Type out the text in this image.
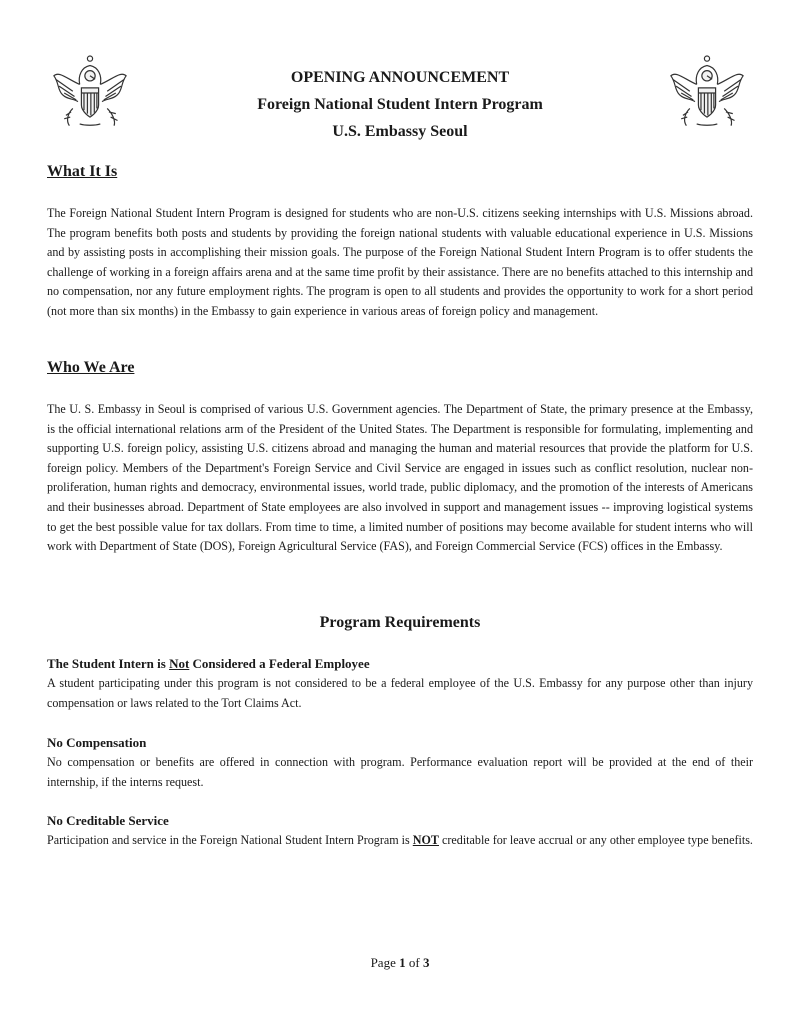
OPENING ANNOUNCEMENT
Foreign National Student Intern Program
U.S. Embassy Seoul
What It Is

The Foreign National Student Intern Program is designed for students who are non-U.S. citizens seeking internships with U.S. Missions abroad. The program benefits both posts and students by providing the foreign national students with valuable educational experience in U.S. Missions and by assisting posts in accomplishing their mission goals. The purpose of the Foreign National Student Intern Program is to offer students the challenge of working in a foreign affairs arena and at the same time profit by their assistance. There are no benefits attached to this internship and no compensation, nor any future employment rights. The program is open to all students and provides the opportunity to work for a short period (not more than six months) in the Embassy to gain experience in various areas of foreign policy and management.

Who We Are

The U. S. Embassy in Seoul is comprised of various U.S. Government agencies. The Department of State, the primary presence at the Embassy, is the official international relations arm of the President of the United States. The Department is responsible for formulating, implementing and supporting U.S. foreign policy, assisting U.S. citizens abroad and managing the human and material resources that provide the platform for U.S. foreign policy. Members of the Department's Foreign Service and Civil Service are engaged in issues such as conflict resolution, nuclear non-proliferation, human rights and democracy, environmental issues, world trade, public diplomacy, and the promotion of the interests of Americans and their businesses abroad. Department of State employees are also involved in support and management issues -- improving logistical systems to get the best possible value for tax dollars. From time to time, a limited number of positions may become available for student interns who will work with Department of State (DOS), Foreign Agricultural Service (FAS), and Foreign Commercial Service (FCS) offices in the Embassy.

Program Requirements

The Student Intern is Not Considered a Federal Employee

A student participating under this program is not considered to be a federal employee of the U.S. Embassy for any purpose other than injury compensation or laws related to the Tort Claims Act.

No Compensation

No compensation or benefits are offered in connection with program. Performance evaluation report will be provided at the end of their internship, if the interns request.

No Creditable Service

Participation and service in the Foreign National Student Intern Program is NOT creditable for leave accrual or any other employee type benefits.

Page 1 of 3
